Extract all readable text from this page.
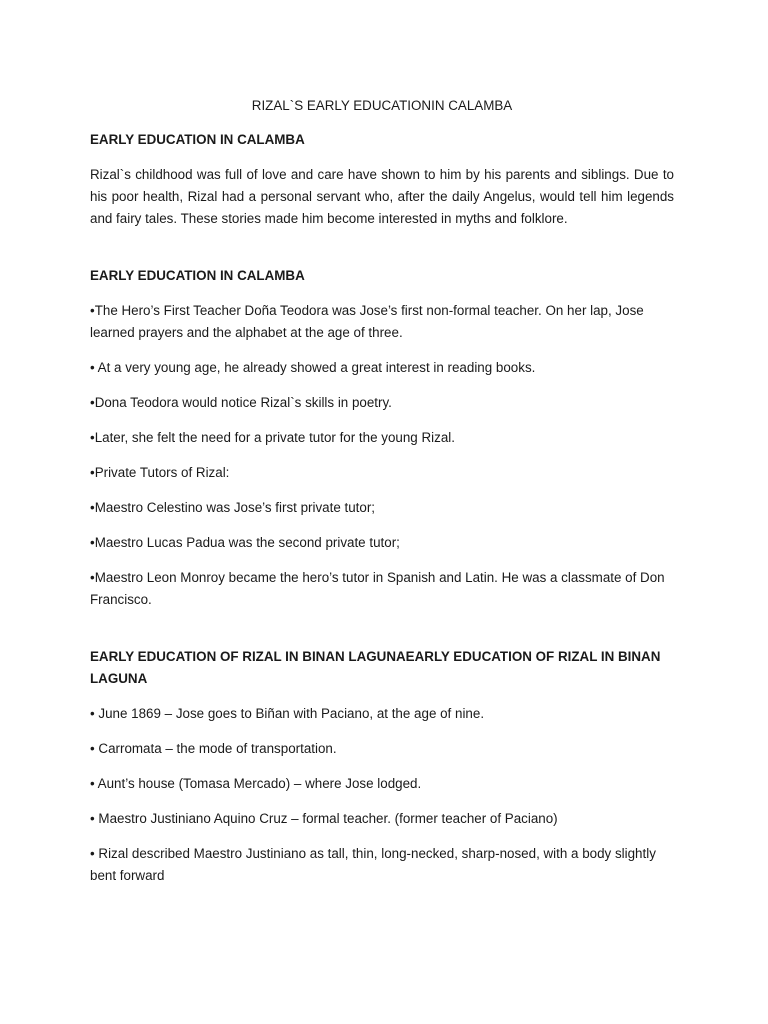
RIZAL`S EARLY EDUCATIONIN CALAMBA

EARLY EDUCATION IN CALAMBA

Rizal`s childhood was full of love and care have shown to him by his parents and siblings. Due to his poor health, Rizal had a personal servant who, after the daily Angelus, would tell him legends and fairy tales. These stories made him become interested in myths and folklore.

EARLY EDUCATION IN CALAMBA

•The Hero’s First Teacher Doña Teodora was Jose’s first non-formal teacher. On her lap, Jose learned prayers and the alphabet at the age of three.

• At a very young age, he already showed a great interest in reading books.

•Dona Teodora would notice Rizal`s skills in poetry.

•Later, she felt the need for a private tutor for the young Rizal.

•Private Tutors of Rizal:

•Maestro Celestino was Jose’s first private tutor;

•Maestro Lucas Padua was the second private tutor;

•Maestro Leon Monroy became the hero’s tutor in Spanish and Latin. He was a classmate of Don Francisco.

EARLY EDUCATION OF RIZAL IN BINAN LAGUNAEARLY EDUCATION OF RIZAL IN BINAN LAGUNA

• June 1869 – Jose goes to Biñan with Paciano, at the age of nine.

• Carromata – the mode of transportation.

• Aunt’s house (Tomasa Mercado) – where Jose lodged.

• Maestro Justiniano Aquino Cruz – formal teacher. (former teacher of Paciano)

• Rizal described Maestro Justiniano as tall, thin, long-necked, sharp-nosed, with a body slightly bent forward
